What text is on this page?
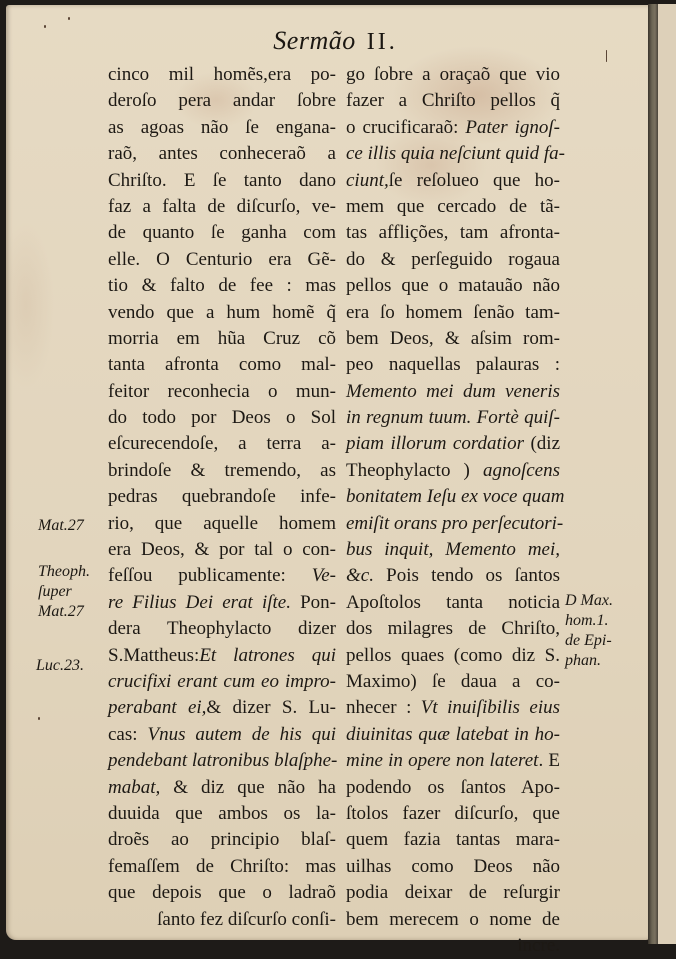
Sermão II.
cinco mil homẽs,era po-
deroſo pera andar ſobre
as agoas não ſe engana-
raõ, antes conheceraõ a
Chriſto. E ſe tanto dano
faz a falta de diſcurſo, ve-
de quanto ſe ganha com
elle. O Centurio era Gẽ-
tio & falto de fee : mas
vendo que a hum homẽ q̃
morria em hũa Cruz cõ
tanta afronta como mal-
feitor reconhecia o mun-
do todo por Deos o Sol
eſcurecendoſe, a terra a-
brindoſe & tremendo, as
pedras quebrandoſe infe-
rio, que aquelle homem
era Deos, & por tal o con-
feſſou publicamente: Ve-
re Filius Dei erat iſte. Pon-
dera Theophylacto dizer
S.Mattheus:Et latrones qui
crucifixi erant cum eo impro-
perabant ei,& dizer S. Lu-
cas: Vnus autem de his qui
pendebant latronibus blaſphe-
mabat, & diz que não ha
duuida que ambos os la-
droẽs ao principio blaſ-
femaſſem de Chriſto: mas
que depois que o ladraõ
ſanto fez diſcurſo conſi-
go ſobre a oraçaõ que vio
fazer a Chriſto pellos q̃
o crucificaraõ: Pater ignoſ-
ce illis quia neſciunt quid fa-
ciunt,ſe reſolueo que ho-
mem que cercado de tã-
tas afflições, tam afronta-
do & perſeguido rogaua
pellos que o matauão não
era ſo homem ſenão tam-
bem Deos, & aſsim rom-
peo naquellas palauras :
Memento mei dum veneris
in regnum tuum. Fortè quiſ-
piam illorum cordatior (diz
Theophylacto ) agnoſcens
bonitatem Ieſu ex voce quam
emiſit orans pro perſecutori-
bus inquit, Memento mei,
&c. Pois tendo os ſantos
Apoſtolos tanta noticia
dos milagres de Chriſto,
pellos quaes (como diz S.
Maximo) ſe daua a co-
nhecer : Vt inuiſibilis eius
diuinitas quæ latebat in ho-
mine in opere non lateret. E
podendo os ſantos Apo-
ſtolos fazer diſcurſo, que
quem fazia tantas mara-
uilhas como Deos não
podia deixar de reſurgir
bem merecem o nome de
incre.
Mat.27
Theoph.
ſuper
Mat.27
Luc.23.
D Max.
hom.1.
de Epi-
phan.
